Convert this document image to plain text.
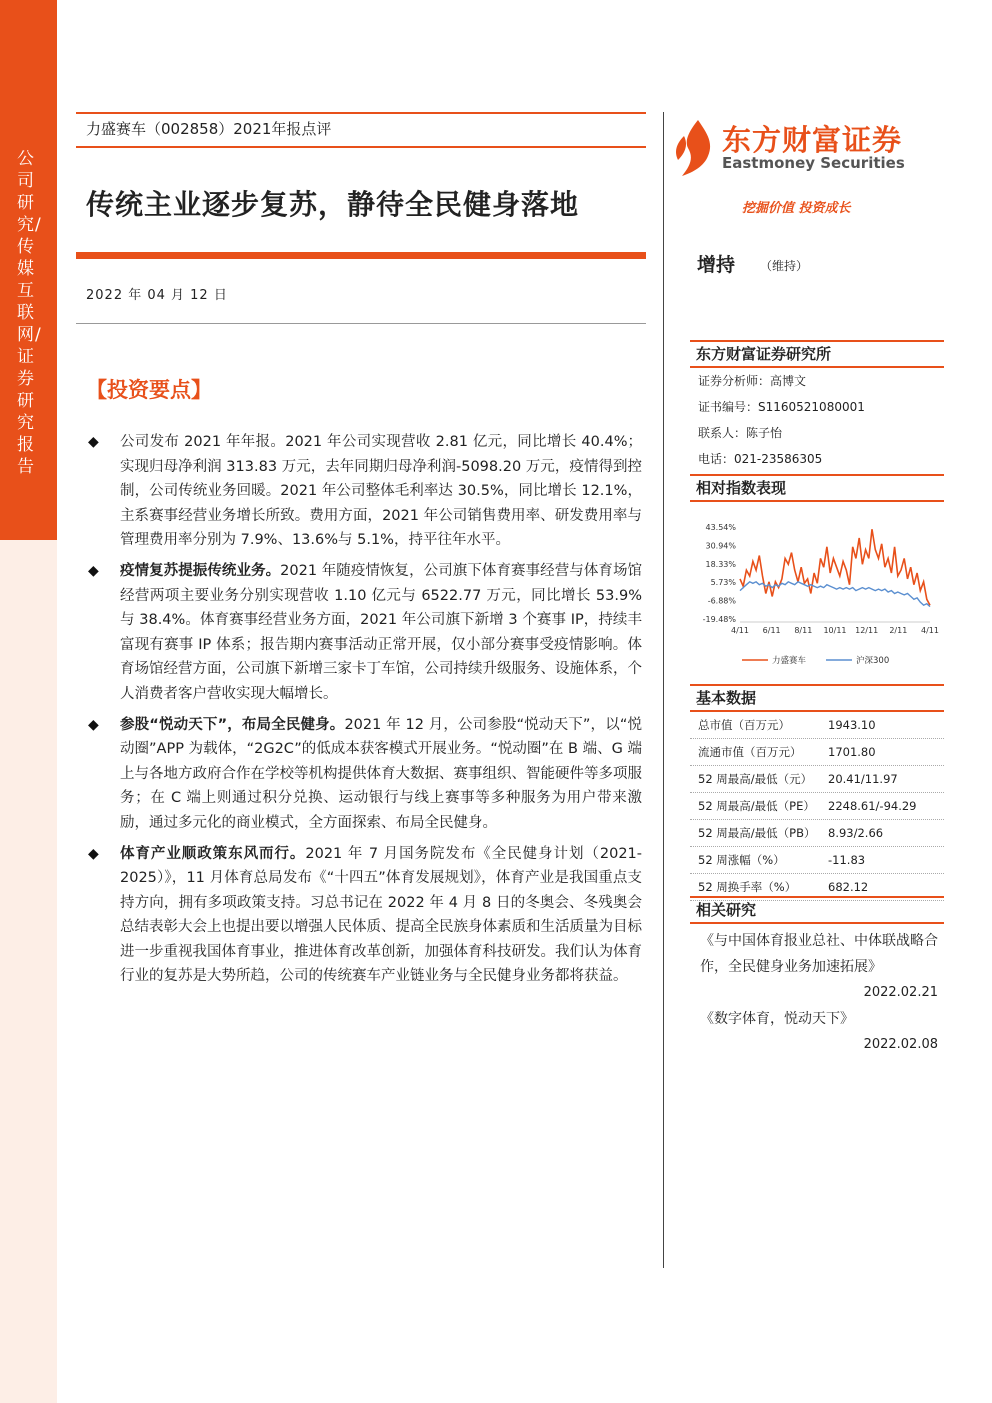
公司研究/传媒互联网/证券研究报告
力盛赛车（002858）2021年报点评
传统主业逐步复苏，静待全民健身落地
2022 年 04 月 12 日
【投资要点】
◆ 公司发布 2021 年年报。2021 年公司实现营收 2.81 亿元，同比增长 40.4%；实现归母净利润 313.83 万元，去年同期归母净利润-5098.20 万元，疫情得到控制，公司传统业务回暖。2021 年公司整体毛利率达 30.5%，同比增长 12.1%，主系赛事经营业务增长所致。费用方面，2021 年公司销售费用率、研发费用率与管理费用率分别为 7.9%、13.6%与 5.1%，持平往年水平。
◆ 疫情复苏提振传统业务。2021 年随疫情恢复，公司旗下体育赛事经营与体育场馆经营两项主要业务分别实现营收 1.10 亿元与 6522.77 万元，同比增长 53.9%与 38.4%。体育赛事经营业务方面，2021 年公司旗下新增 3 个赛事 IP，持续丰富现有赛事 IP 体系；报告期内赛事活动正常开展，仅小部分赛事受疫情影响。体育场馆经营方面，公司旗下新增三家卡丁车馆，公司持续升级服务、设施体系，个人消费者客户营收实现大幅增长。
◆ 参股“悦动天下”，布局全民健身。2021 年 12 月，公司参股“悦动天下”，以“悦动圈”APP 为载体，“2G2C”的低成本获客模式开展业务。“悦动圈”在 B 端、G 端上与各地方政府合作在学校等机构提供体育大数据、赛事组织、智能硬件等多项服务；在 C 端上则通过积分兑换、运动银行与线上赛事等多种服务为用户带来激励，通过多元化的商业模式，全方面探索、布局全民健身。
◆ 体育产业顺政策东风而行。2021 年 7 月国务院发布《全民健身计划（2021-2025）》，11 月体育总局发布《“十四五”体育发展规划》，体育产业是我国重点支持方向，拥有多项政策支持。习总书记在 2022 年 4 月 8 日的冬奥会、冬残奥会总结表彰大会上也提出要以增强人民体质、提高全民族身体素质和生活质量为目标进一步重视我国体育事业，推进体育改革创新，加强体育科技研发。我们认为体育行业的复苏是大势所趋，公司的传统赛车产业链业务与全民健身业务都将获益。
东方财富证券
Eastmoney Securities
挖掘价值 投资成长
增持 （维持）
东方财富证券研究所
证券分析师：高博文
证书编号：S1160521080001
联系人：陈子怡
电话：021-23586305
相对指数表现
43.54%
30.94%
18.33%
5.73%
-6.88%
-19.48%
4/11 6/11 8/11 10/11 12/11 2/11 4/11
力盛赛车	沪深300
基本数据
总市值（百万元）	1943.10
流通市值（百万元）	1701.80
52 周最高/最低（元）	20.41/11.97
52 周最高/最低（PE）	2248.61/-94.29
52 周最高/最低（PB）	8.93/2.66
52 周涨幅（%）	-11.83
52 周换手率（%）	682.12
相关研究
《与中国体育报业总社、中体联战略合作，全民健身业务加速拓展》
2022.02.21
《数字体育，悦动天下》
2022.02.08
